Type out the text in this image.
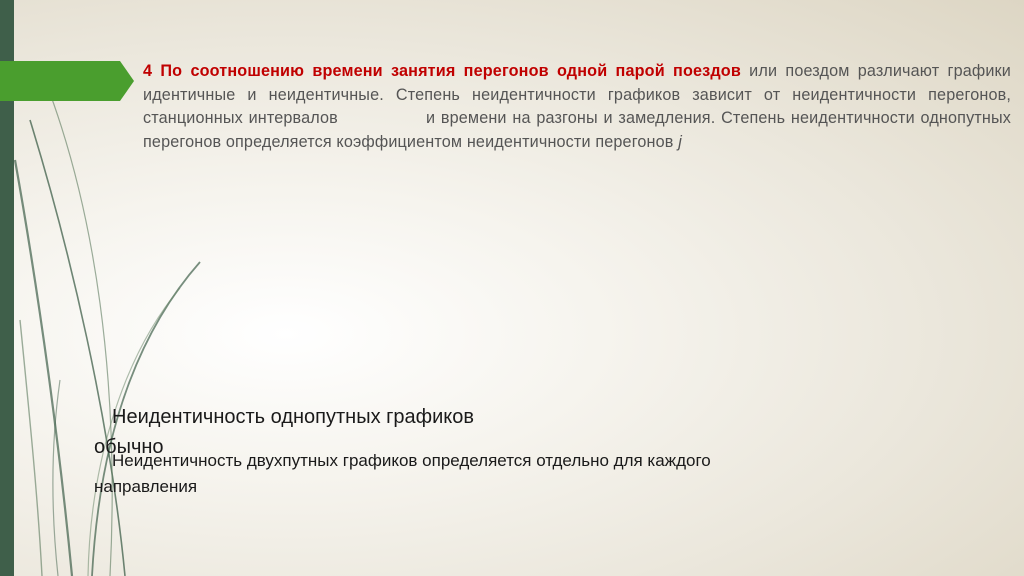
4 По соотношению времени занятия перегонов одной парой поездов или поездом различают графики идентичные и неидентичные. Степень неидентичности графиков зависит от неидентичности перегонов, станционных интервалов	и времени на разгоны и замедления. Степень неидентичности однопутных перегонов определяется коэффициентом неидентичности перегонов j
Неидентичность однопутных графиков
обычно
Неидентичность двухпутных графиков определяется отдельно для каждого
направления
